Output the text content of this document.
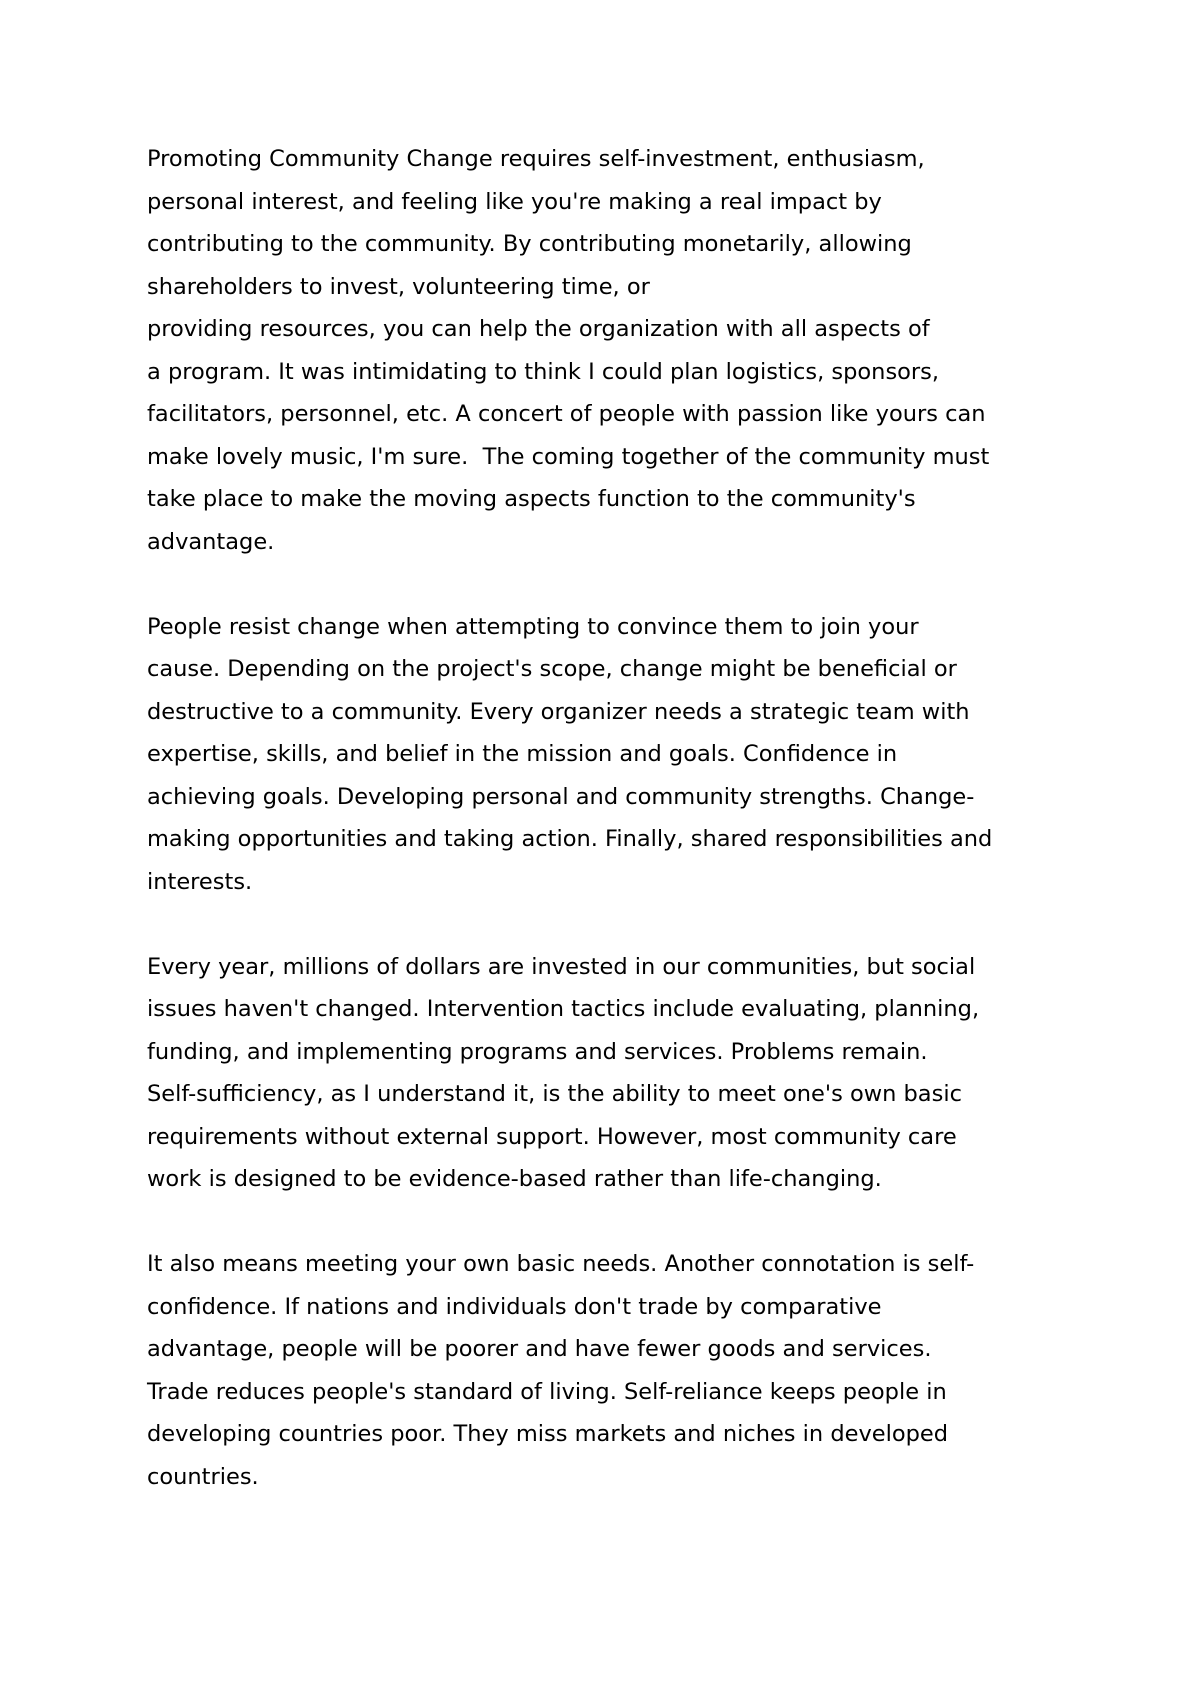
Promoting Community Change requires self-investment, enthusiasm,
personal interest, and feeling like you're making a real impact by
contributing to the community. By contributing monetarily, allowing
shareholders to invest, volunteering time, or
providing resources, you can help the organization with all aspects of
a program. It was intimidating to think I could plan logistics, sponsors,
facilitators, personnel, etc. A concert of people with passion like yours can
make lovely music, I'm sure.  The coming together of the community must
take place to make the moving aspects function to the community's
advantage.

People resist change when attempting to convince them to join your
cause. Depending on the project's scope, change might be beneficial or
destructive to a community. Every organizer needs a strategic team with
expertise, skills, and belief in the mission and goals. Confidence in
achieving goals. Developing personal and community strengths. Change-
making opportunities and taking action. Finally, shared responsibilities and
interests.

Every year, millions of dollars are invested in our communities, but social
issues haven't changed. Intervention tactics include evaluating, planning,
funding, and implementing programs and services. Problems remain.
Self-sufficiency, as I understand it, is the ability to meet one's own basic
requirements without external support. However, most community care
work is designed to be evidence-based rather than life-changing.

It also means meeting your own basic needs. Another connotation is self-
confidence. If nations and individuals don't trade by comparative
advantage, people will be poorer and have fewer goods and services.
Trade reduces people's standard of living. Self-reliance keeps people in
developing countries poor. They miss markets and niches in developed
countries.
